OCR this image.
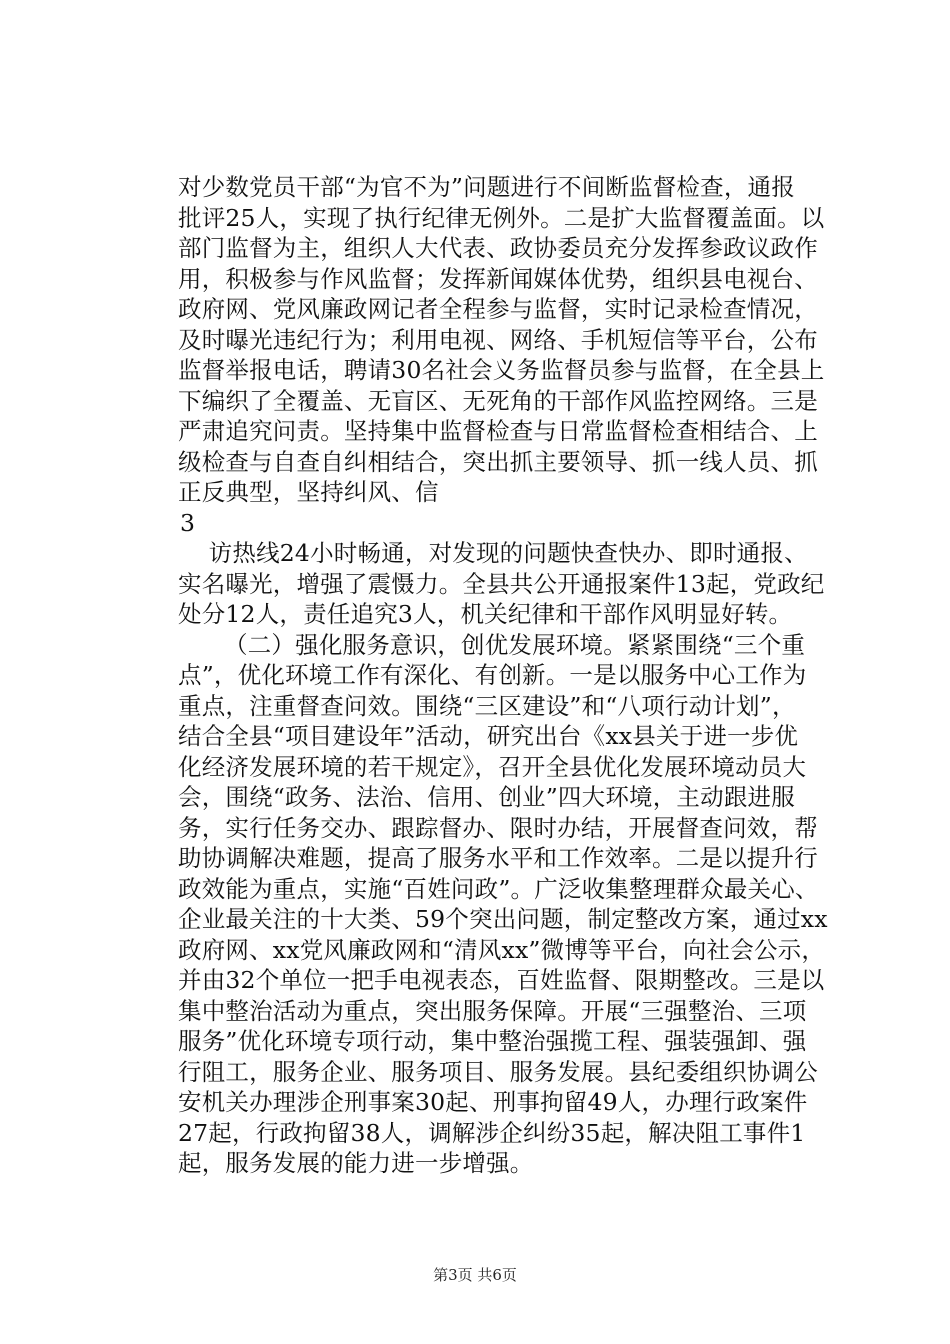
对少数党员干部“为官不为”问题进行不间断监督检查，通报
批评25人，实现了执行纪律无例外。二是扩大监督覆盖面。以
部门监督为主，组织人大代表、政协委员充分发挥参政议政作
用，积极参与作风监督；发挥新闻媒体优势，组织县电视台、
政府网、党风廉政网记者全程参与监督，实时记录检查情况，
及时曝光违纪行为；利用电视、网络、手机短信等平台，公布
监督举报电话，聘请30名社会义务监督员参与监督，在全县上
下编织了全覆盖、无盲区、无死角的干部作风监控网络。三是
严肃追究问责。坚持集中监督检查与日常监督检查相结合、上
级检查与自查自纠相结合，突出抓主要领导、抓一线人员、抓
正反典型，坚持纠风、信
3
访热线24小时畅通，对发现的问题快查快办、即时通报、
实名曝光，增强了震慑力。全县共公开通报案件13起，党政纪
处分12人，责任追究3人，机关纪律和干部作风明显好转。
（二）强化服务意识，创优发展环境。紧紧围绕“三个重
点”，优化环境工作有深化、有创新。一是以服务中心工作为
重点，注重督查问效。围绕“三区建设”和“八项行动计划”，
结合全县“项目建设年”活动，研究出台《xx县关于进一步优
化经济发展环境的若干规定》，召开全县优化发展环境动员大
会，围绕“政务、法治、信用、创业”四大环境，主动跟进服
务，实行任务交办、跟踪督办、限时办结，开展督查问效，帮
助协调解决难题，提高了服务水平和工作效率。二是以提升行
政效能为重点，实施“百姓问政”。广泛收集整理群众最关心、
企业最关注的十大类、59个突出问题，制定整改方案，通过xx
政府网、xx党风廉政网和“清风xx”微博等平台，向社会公示，
并由32个单位一把手电视表态，百姓监督、限期整改。三是以
集中整治活动为重点，突出服务保障。开展“三强整治、三项
服务”优化环境专项行动，集中整治强揽工程、强装强卸、强
行阻工，服务企业、服务项目、服务发展。县纪委组织协调公
安机关办理涉企刑事案30起、刑事拘留49人，办理行政案件
27起，行政拘留38人，调解涉企纠纷35起，解决阻工事件1
起，服务发展的能力进一步增强。
第3页 共6页
